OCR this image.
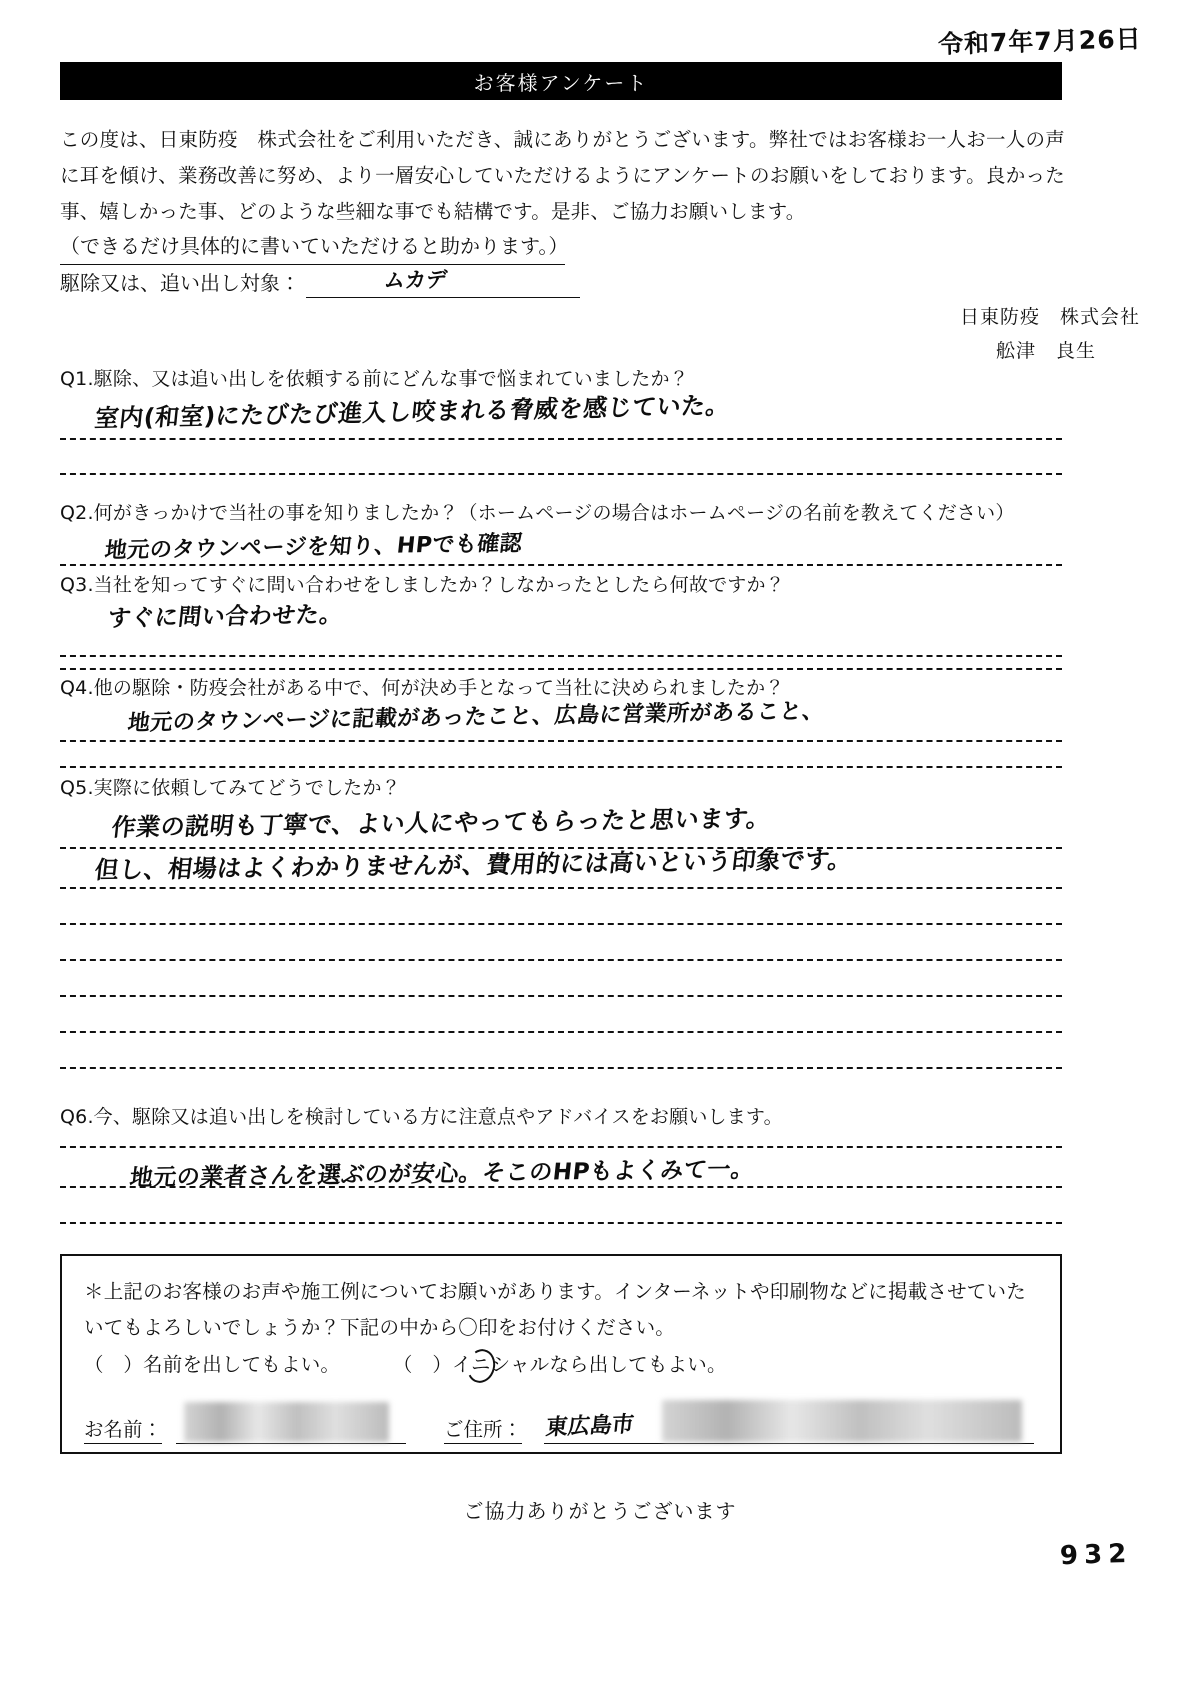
令和7年7月26日
お客様アンケート

この度は、日東防疫　株式会社をご利用いただき、誠にありがとうございます。弊社ではお客様お一人お一人の声に耳を傾け、業務改善に努め、より一層安心していただけるようにアンケートのお願いをしております。良かった事、嬉しかった事、どのような些細な事でも結構です。是非、ご協力お願いします。

（できるだけ具体的に書いていただけると助かります。）
駆除又は、追い出し対象：	ムカデ
日東防疫　株式会社
舩津　良生
Q1.駆除、又は追い出しを依頼する前にどんな事で悩まれていましたか？
室内(和室)にたびたび進入し咬まれる脅威を感じていた。
Q2.何がきっかけで当社の事を知りましたか？（ホームページの場合はホームページの名前を教えてください）
地元のタウンページを知り、HPでも確認
Q3.当社を知ってすぐに問い合わせをしましたか？しなかったとしたら何故ですか？
すぐに問い合わせた。
Q4.他の駆除・防疫会社がある中で、何が決め手となって当社に決められましたか？
地元のタウンページに記載があったこと、広島に営業所があること、
Q5.実際に依頼してみてどうでしたか？
作業の説明も丁寧で、よい人にやってもらったと思います。
但し、相場はよくわかりませんが、費用的には高いという印象です。
Q6.今、駆除又は追い出しを検討している方に注意点やアドバイスをお願いします。
地元の業者さんを選ぶのが安心。そこのHPもよくみて一。
＊上記のお客様のお声や施工例についてお願いがあります。インターネットや印刷物などに掲載させていた
いてもよろしいでしょうか？下記の中から〇印をお付けください。
（　）名前を出してもよい。	（　）イニシャルなら出してもよい。
お名前：	ご住所： 東広島市
ご協力ありがとうございます
932
